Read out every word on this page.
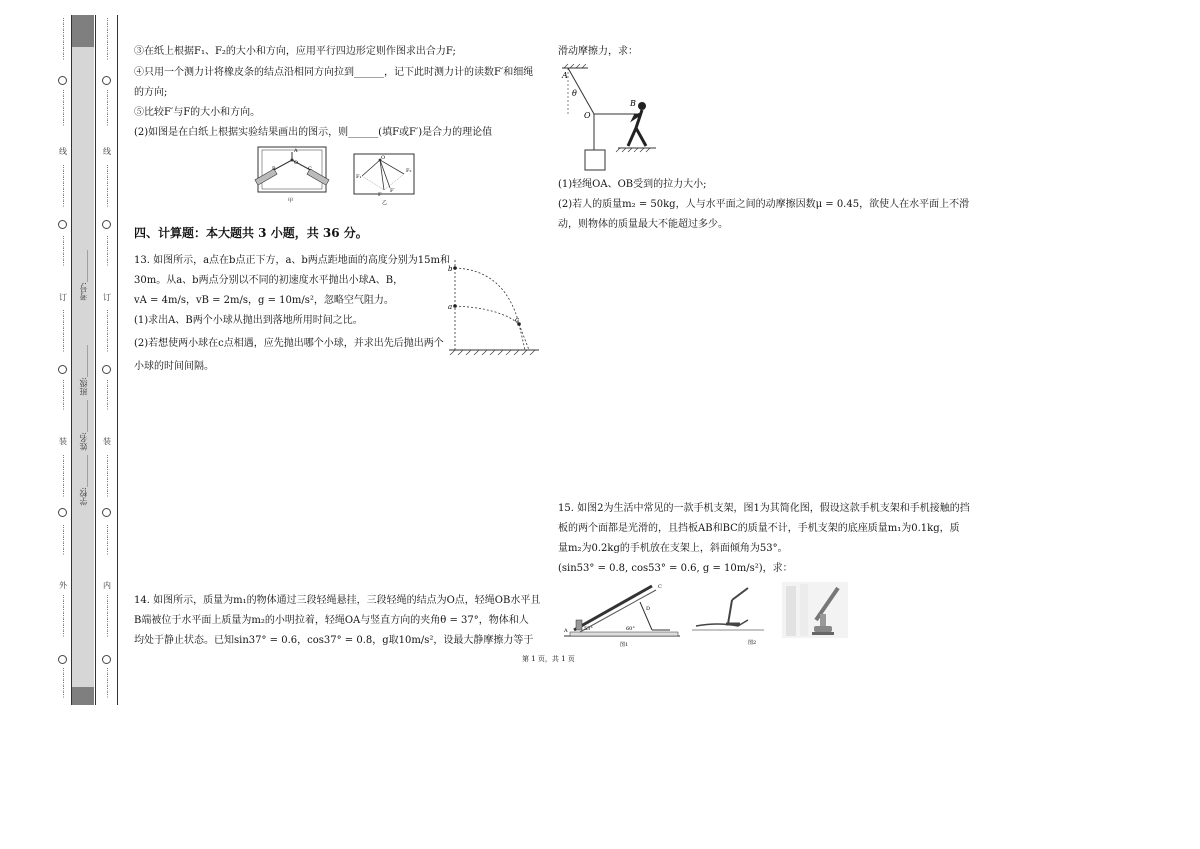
⋮
⋮
⋮
⋮
⋮
⋮
⋮
⋮
⋮
⋮
⋮
⋮
⋮
⋮
⋮
⋮
⋮
⋮
⋮
⋮
⋮
⋮
⋮
⋮
⋮
⋮
⋮
⋮
⋮
⋮
⋮
⋮
⋮
⋮
⋮
⋮
⋮
⋮
⋮
⋮
⋮
⋮
⋮
⋮
⋮
⋮
⋮
⋮
⋮
⋮
⋮
⋮
⋮
⋮
⋮
⋮
⋮
⋮
⋮
⋮
⋮
⋮
⋮
⋮
⋮
⋮
⋮
⋮
⋮
⋮
⋮
⋮
⋮
⋮
⋮
⋮
⋮
⋮
⋮
⋮
⋮
⋮
⋮
⋮
⋮
⋮
⋮
⋮
⋮
⋮
⋮
⋮
⋮
⋮
⋮
⋮
⋮
⋮
⋮
⋮
⋮
⋮
⋮
⋮
⋮
⋮
⋮
⋮
⋮
⋮
⋮
⋮
⋮
⋮
⋮
⋮
⋮
⋮
⋮
⋮
⋮
⋮
线
订
装
外
线
订
装
内
学校:________
姓名:________
班级:________
考号:________
③在纸上根据F₁、F₂的大小和方向，应用平行四边形定则作图求出合力F;
④只用一个测力计将橡皮条的结点沿相同方向拉到______，记下此时测力计的读数F′和细绳
的方向;
⑤比较F′与F的大小和方向。
(2)如图是在白纸上根据实验结果画出的图示，则______(填F或F′)是合力的理论值
A
O
B	C
甲
O
F₁
F₂
F
F′
乙
四、计算题：本大题共 3 小题，共 36 分。
13. 如图所示，a点在b点正下方，a、b两点距地面的高度分别为15m和
30m。从a、b两点分别以不同的初速度水平抛出小球A、B，
vA = 4m/s，vB = 2m/s，g = 10m/s²，忽略空气阻力。
(1)求出A、B两个小球从抛出到落地所用时间之比。
(2)若想使两小球在c点相遇，应先抛出哪个小球，并求出先后抛出两个
小球的时间间隔。
b
a
c
14. 如图所示，质量为m₁的物体通过三段轻绳悬挂，三段轻绳的结点为O点，轻绳OB水平且
B端被位于水平面上质量为m₂的小明拉着，轻绳OA与竖直方向的夹角θ = 37°，物体和人
均处于静止状态。已知sin37° = 0.6，cos37° = 0.8，g取10m/s²，设最大静摩擦力等于
滑动摩擦力，求：
A
θ
O
B
(1)轻绳OA、OB受到的拉力大小;
(2)若人的质量m₂ = 50kg，人与水平面之间的动摩擦因数μ = 0.45，欲使人在水平面上不滑
动，则物体的质量最大不能超过多少。
15. 如图2为生活中常见的一款手机支架，图1为其简化图，假设这款手机支架和手机接触的挡
板的两个面都是光滑的，且挡板AB和BC的质量不计，手机支架的底座质量m₁为0.1kg，质
量m₂为0.2kg的手机放在支架上，斜面倾角为53°。
(sin53° = 0.8, cos53° = 0.6, g = 10m/s²)，求：
A	53°	60°
D
C
图1	图2
第 1 页，共 1 页
